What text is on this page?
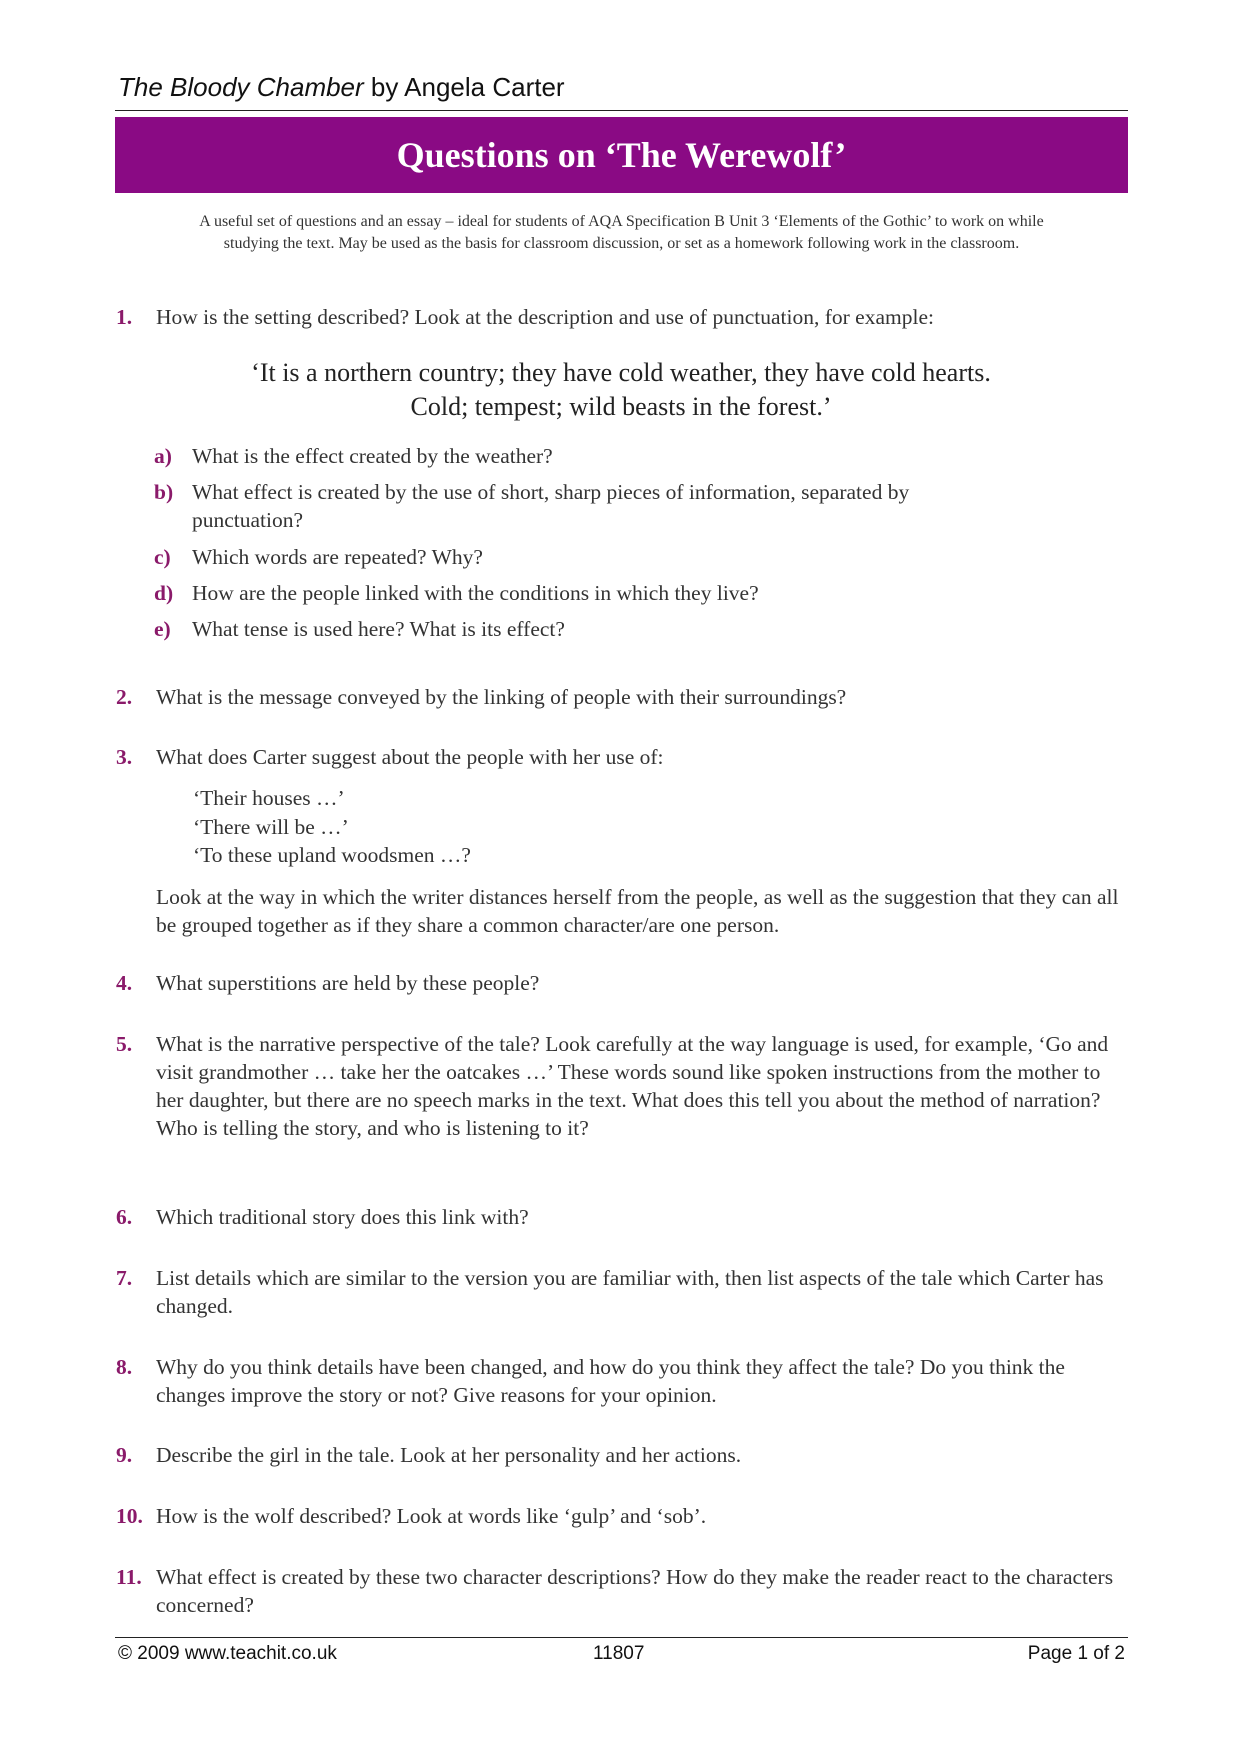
The Bloody Chamber by Angela Carter
Questions on ‘The Werewolf’
A useful set of questions and an essay – ideal for students of AQA Specification B Unit 3 ‘Elements of the Gothic’ to work on while
studying the text. May be used as the basis for classroom discussion, or set as a homework following work in the classroom.
1.	How is the setting described? Look at the description and use of punctuation, for example:
‘It is a northern country; they have cold weather, they have cold hearts.
Cold; tempest; wild beasts in the forest.’
a) What is the effect created by the weather?
b) What effect is created by the use of short, sharp pieces of information, separated by punctuation?
c) Which words are repeated? Why?
d) How are the people linked with the conditions in which they live?
e) What tense is used here? What is its effect?
2.	What is the message conveyed by the linking of people with their surroundings?
3.	What does Carter suggest about the people with her use of:
‘Their houses …’
‘There will be …’
‘To these upland woodsmen …?
Look at the way in which the writer distances herself from the people, as well as the suggestion that they can all be grouped together as if they share a common character/are one person.
4.	What superstitions are held by these people?
5.	What is the narrative perspective of the tale? Look carefully at the way language is used, for example, ‘Go and visit grandmother … take her the oatcakes …’ These words sound like spoken instructions from the mother to her daughter, but there are no speech marks in the text. What does this tell you about the method of narration? Who is telling the story, and who is listening to it?
6.	Which traditional story does this link with?
7.	List details which are similar to the version you are familiar with, then list aspects of the tale which Carter has changed.
8.	Why do you think details have been changed, and how do you think they affect the tale? Do you think the changes improve the story or not? Give reasons for your opinion.
9.	Describe the girl in the tale. Look at her personality and her actions.
10. How is the wolf described? Look at words like ‘gulp’ and ‘sob’.
11. What effect is created by these two character descriptions? How do they make the reader react to the characters concerned?
© 2009 www.teachit.co.uk	11807	Page 1 of 2
